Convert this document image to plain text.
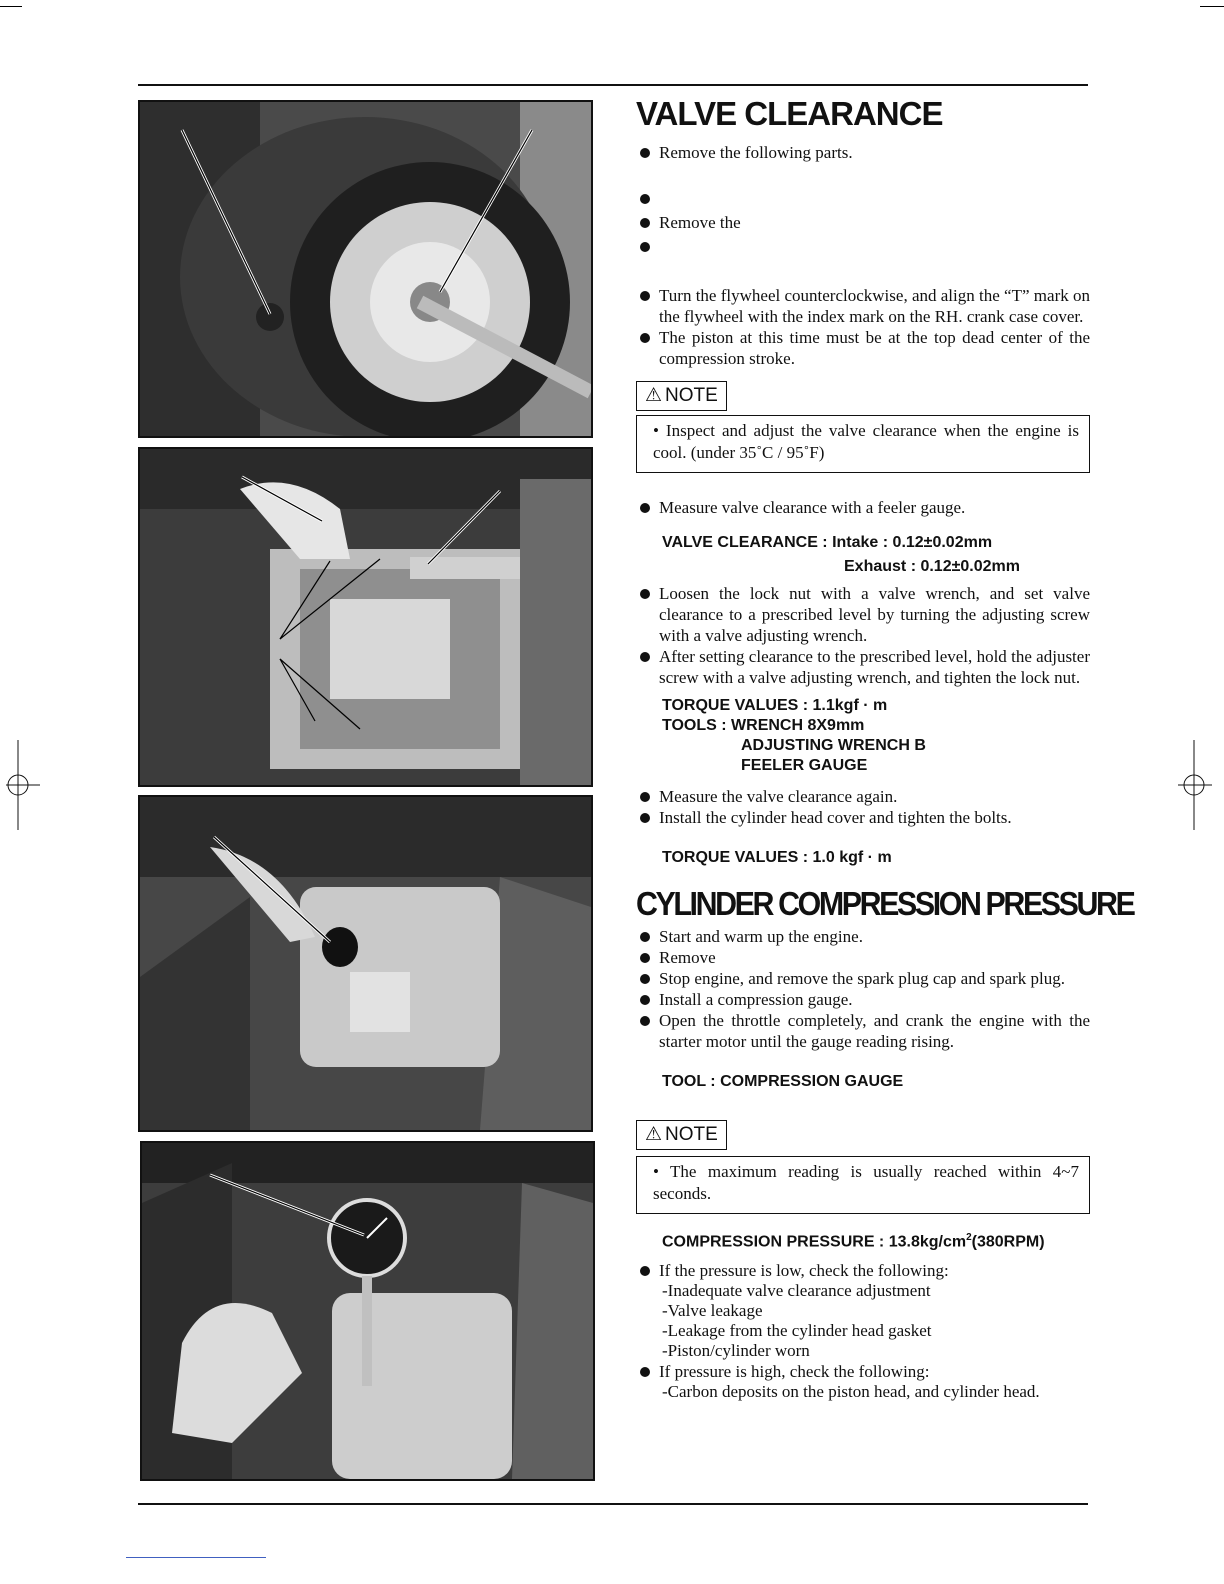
VALVE CLEARANCE
Remove the following parts.
Remove the
Turn the flywheel counterclockwise, and align the “T” mark on the flywheel with the index mark on the RH. crank case cover.
The piston at this time must be at the top dead center of the compression stroke.
⚠ NOTE
• Inspect and adjust the valve clearance when the engine is cool. (under 35˚C / 95˚F)
Measure valve clearance with a feeler gauge.
VALVE CLEARANCE : Intake : 0.12±0.02mm
Exhaust : 0.12±0.02mm
Loosen the lock nut with a valve wrench, and set valve clearance to a prescribed level by turning the adjusting screw with a valve adjusting wrench.
After setting clearance to the prescribed level, hold the adjuster screw with a valve adjusting wrench, and tighten the lock nut.
TORQUE VALUES : 1.1kgf · m
TOOLS : WRENCH 8X9mm
ADJUSTING WRENCH B
FEELER GAUGE
Measure the valve clearance again.
Install the cylinder head cover and tighten the bolts.
TORQUE VALUES : 1.0 kgf · m
CYLINDER COMPRESSION PRESSURE
Start and warm up the engine.
Remove
Stop engine, and remove the spark plug cap and spark plug.
Install a compression gauge.
Open the throttle completely, and crank the engine with the starter motor until the gauge reading rising.
TOOL : COMPRESSION GAUGE
⚠ NOTE
• The maximum reading is usually reached within 4~7 seconds.
COMPRESSION PRESSURE : $13.8kg/cm^2(380RPM)$
If the pressure is low, check the following:
-Inadequate valve clearance adjustment
-Valve leakage
-Leakage from the cylinder head gasket
-Piston/cylinder worn
If pressure is high, check the following:
-Carbon deposits on the piston head, and cylinder head.
